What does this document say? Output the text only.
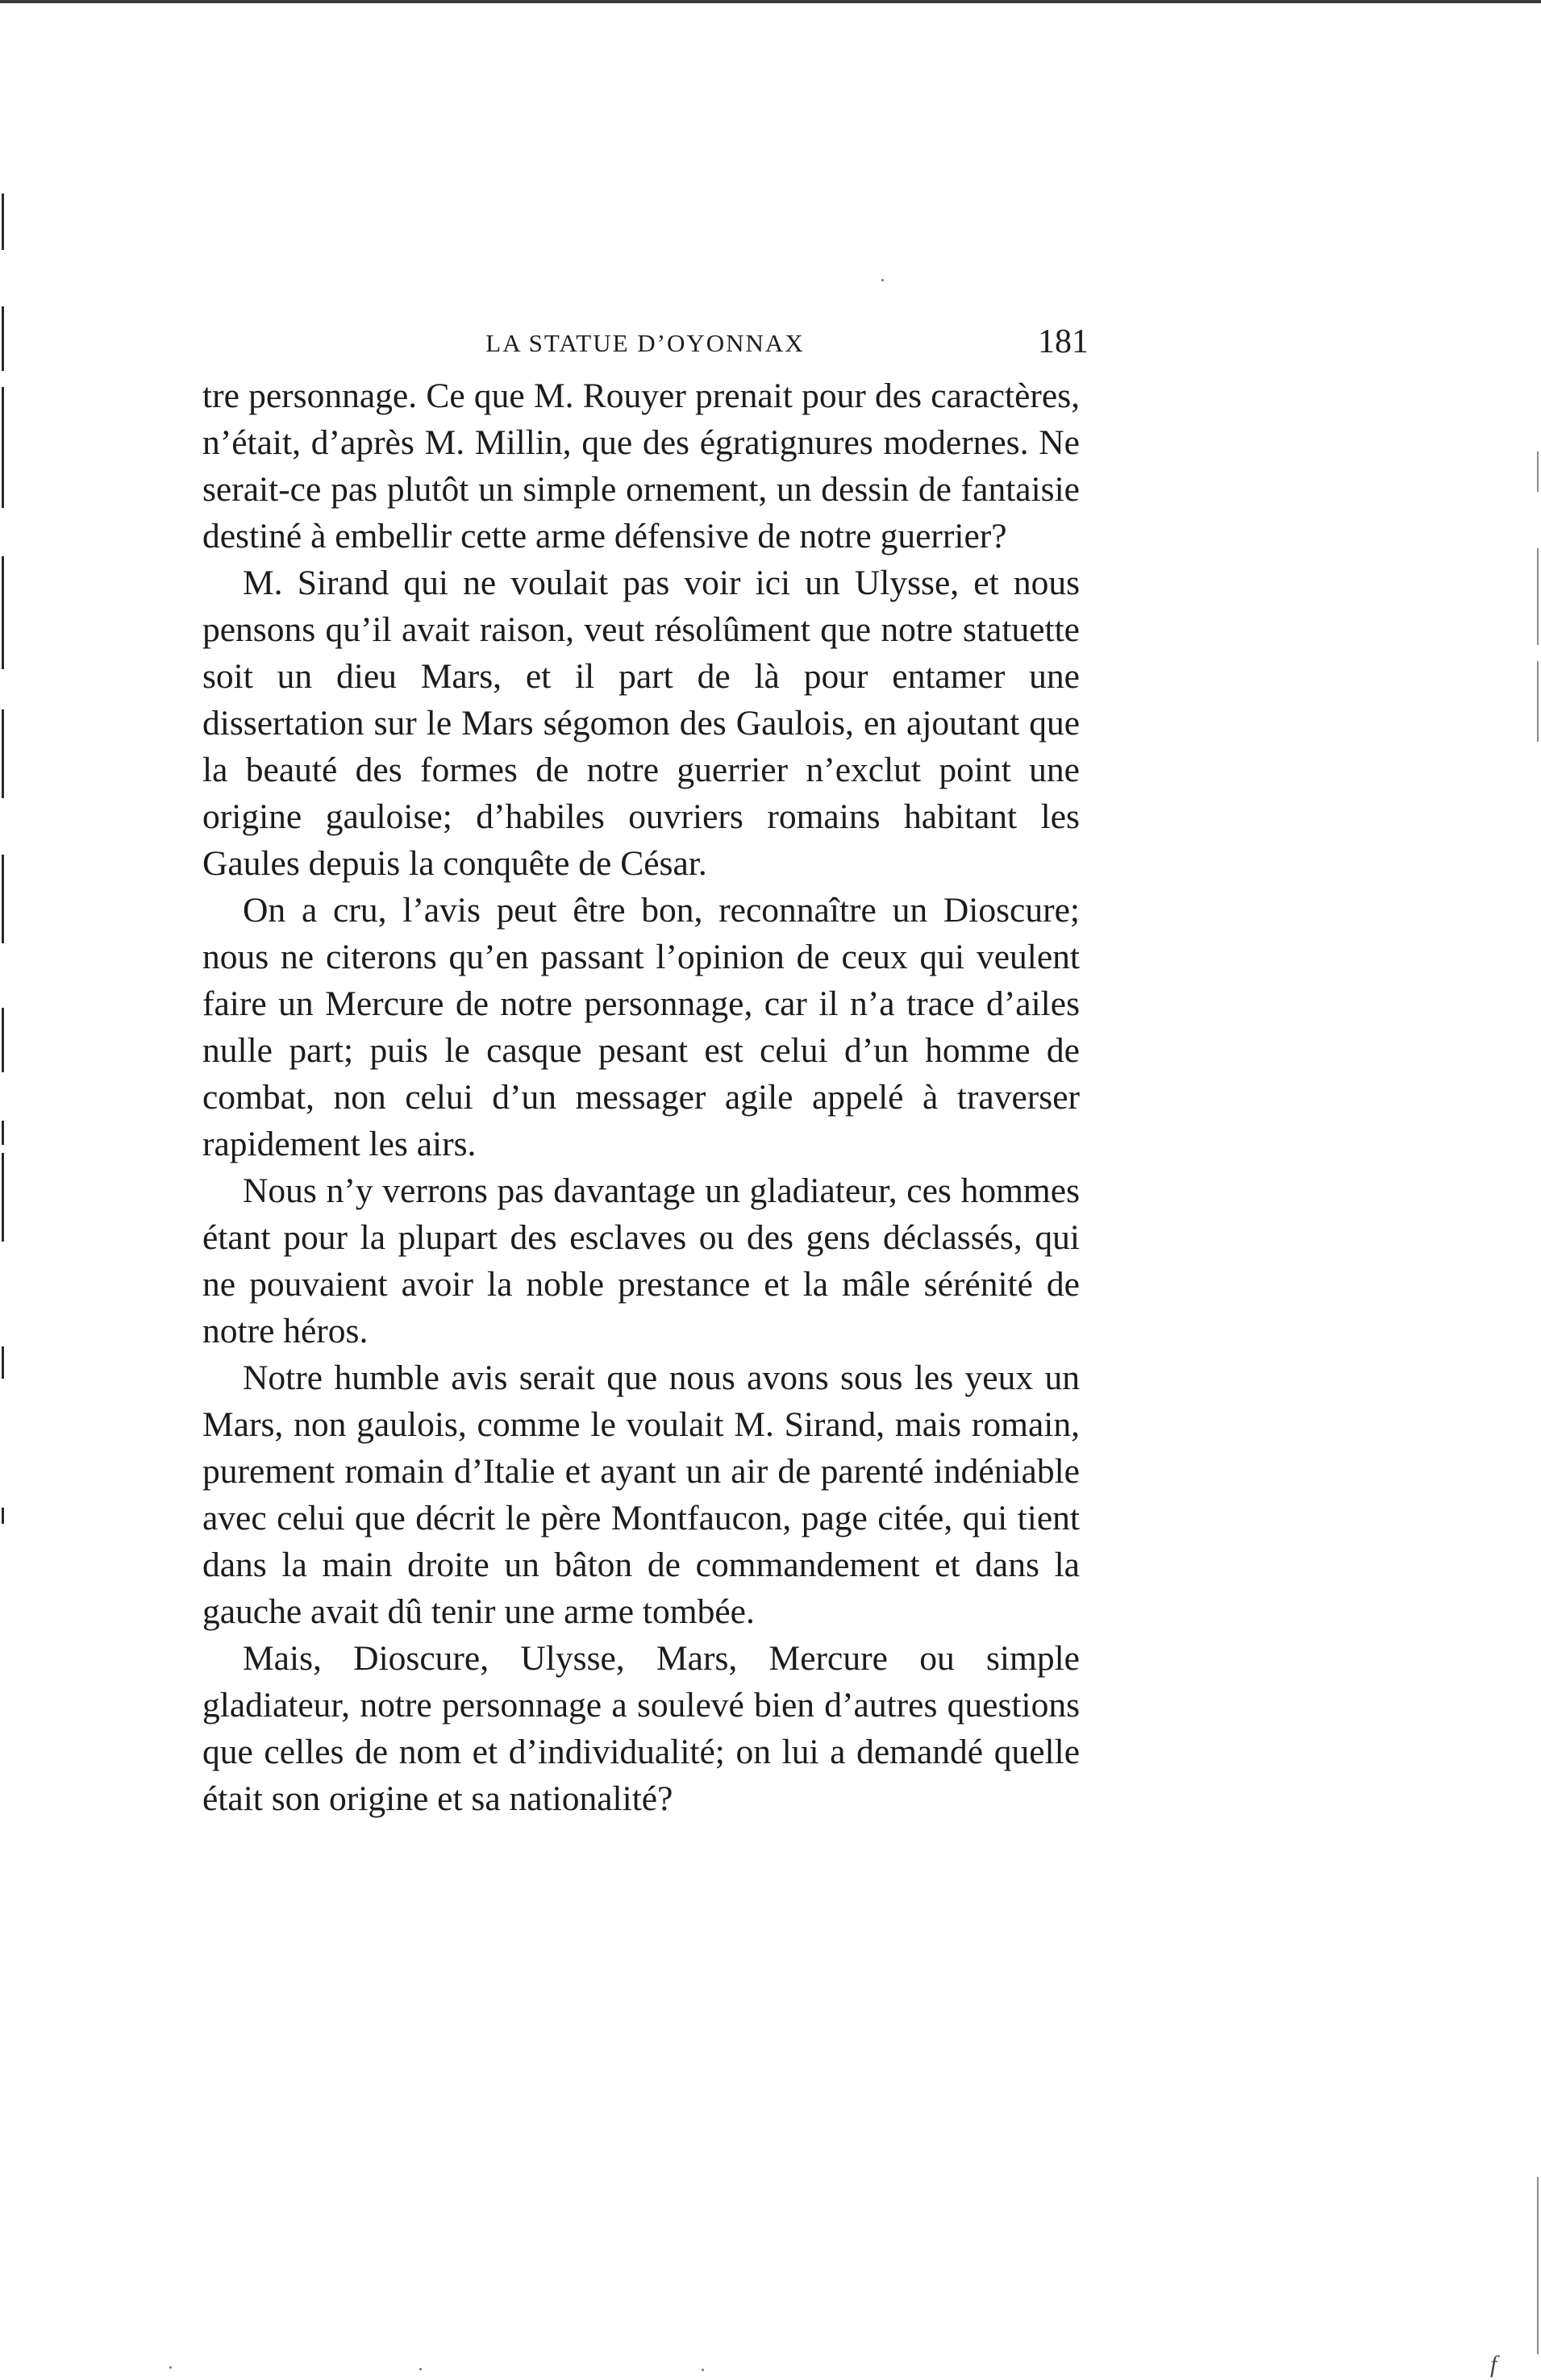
LA STATUE D’OYONNAX	181

tre personnage. Ce que M. Rouyer prenait pour des caractères, n’était, d’après M. Millin, que des égratignures modernes. Ne serait-ce pas plutôt un simple ornement, un dessin de fantaisie destiné à embellir cette arme défensive de notre guerrier?

M. Sirand qui ne voulait pas voir ici un Ulysse, et nous pensons qu’il avait raison, veut résolûment que notre statuette soit un dieu Mars, et il part de là pour entamer une dissertation sur le Mars ségomon des Gaulois, en ajoutant que la beauté des formes de notre guerrier n’exclut point une origine gauloise; d’habiles ouvriers romains habitant les Gaules depuis la conquête de César.

On a cru, l’avis peut être bon, reconnaître un Dioscure; nous ne citerons qu’en passant l’opinion de ceux qui veulent faire un Mercure de notre personnage, car il n’a trace d’ailes nulle part; puis le casque pesant est celui d’un homme de combat, non celui d’un messager agile appelé à traverser rapidement les airs.

Nous n’y verrons pas davantage un gladiateur, ces hommes étant pour la plupart des esclaves ou des gens déclassés, qui ne pouvaient avoir la noble prestance et la mâle sérénité de notre héros.

Notre humble avis serait que nous avons sous les yeux un Mars, non gaulois, comme le voulait M. Sirand, mais romain, purement romain d’Italie et ayant un air de parenté indéniable avec celui que décrit le père Montfaucon, page citée, qui tient dans la main droite un bâton de commandement et dans la gauche avait dû tenir une arme tombée.

Mais, Dioscure, Ulysse, Mars, Mercure ou simple gladiateur, notre personnage a soulevé bien d’autres questions que celles de nom et d’individualité; on lui a demandé quelle était son origine et sa nationalité?

f
